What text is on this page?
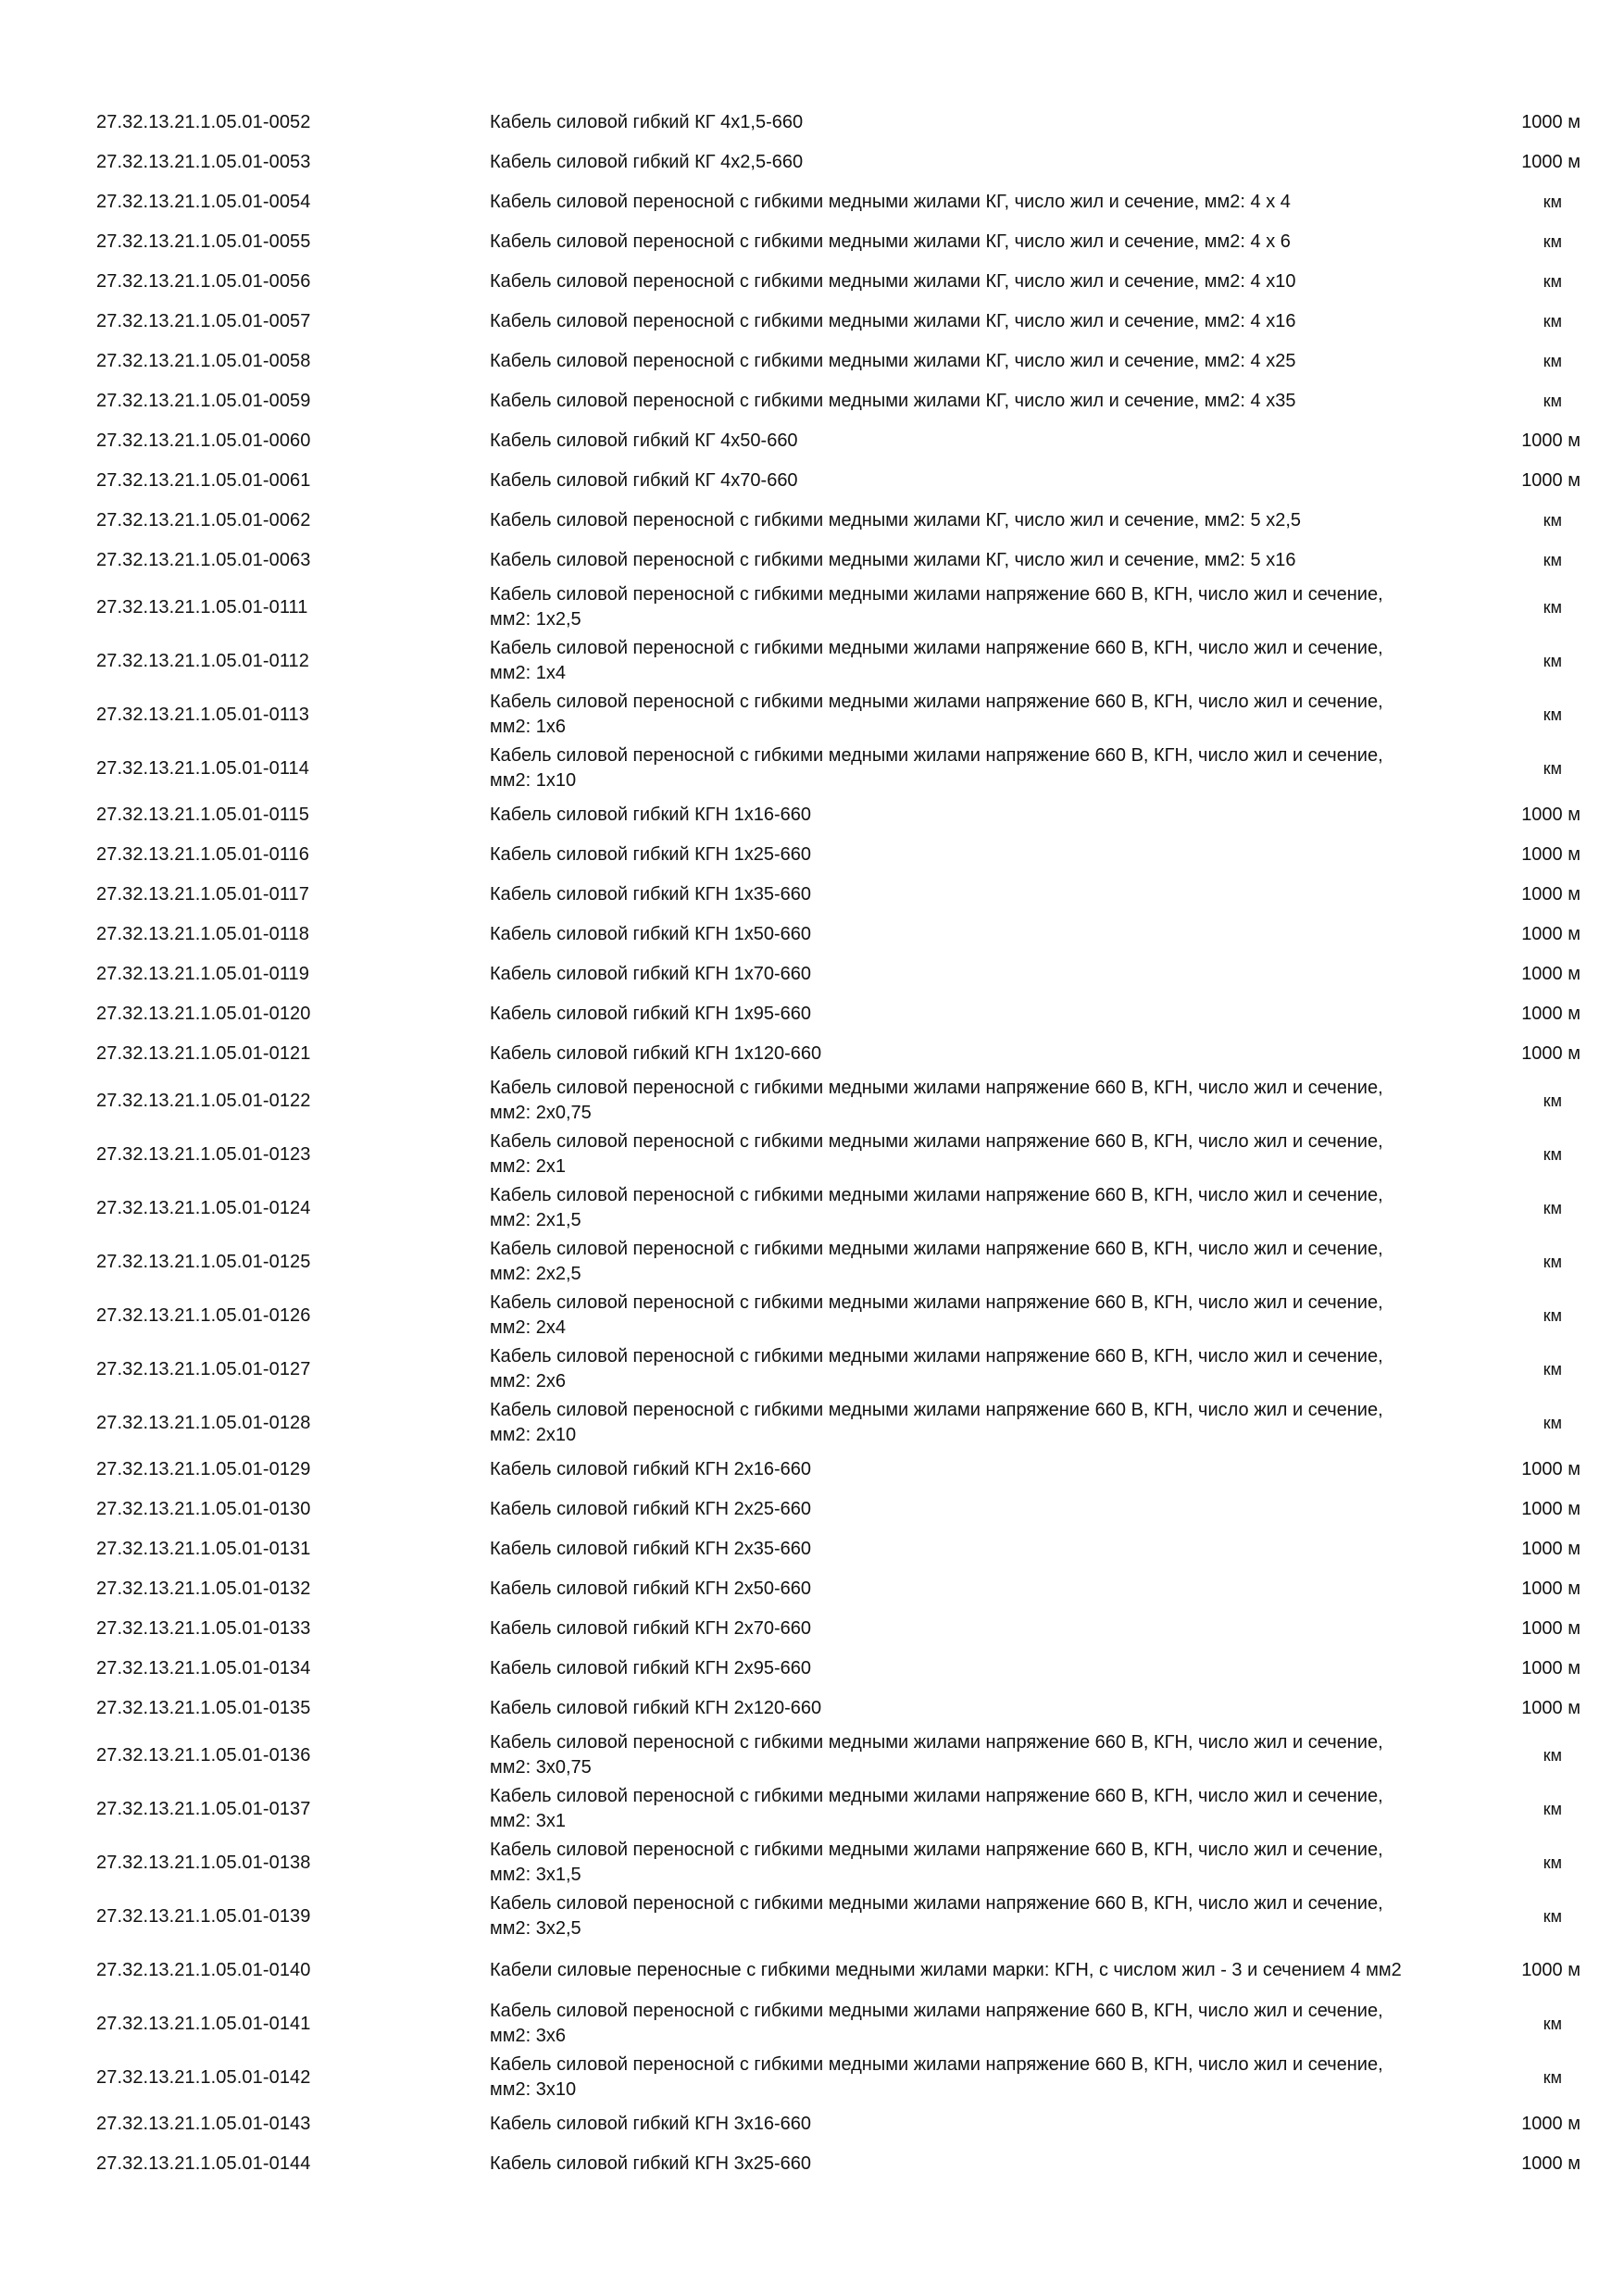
27.32.13.21.1.05.01-0052	Кабель силовой гибкий КГ 4х1,5-660	1000 м
27.32.13.21.1.05.01-0053	Кабель силовой гибкий КГ 4х2,5-660	1000 м
27.32.13.21.1.05.01-0054	Кабель силовой переносной с гибкими медными жилами КГ, число жил и сечение, мм2: 4 х 4	км
27.32.13.21.1.05.01-0055	Кабель силовой переносной с гибкими медными жилами КГ, число жил и сечение, мм2: 4 х 6	км
27.32.13.21.1.05.01-0056	Кабель силовой переносной с гибкими медными жилами КГ, число жил и сечение, мм2: 4 х10	км
27.32.13.21.1.05.01-0057	Кабель силовой переносной с гибкими медными жилами КГ, число жил и сечение, мм2: 4 х16	км
27.32.13.21.1.05.01-0058	Кабель силовой переносной с гибкими медными жилами КГ, число жил и сечение, мм2: 4 х25	км
27.32.13.21.1.05.01-0059	Кабель силовой переносной с гибкими медными жилами КГ, число жил и сечение, мм2: 4 х35	км
27.32.13.21.1.05.01-0060	Кабель силовой гибкий КГ 4х50-660	1000 м
27.32.13.21.1.05.01-0061	Кабель силовой гибкий КГ 4х70-660	1000 м
27.32.13.21.1.05.01-0062	Кабель силовой переносной с гибкими медными жилами КГ, число жил и сечение, мм2: 5 х2,5	км
27.32.13.21.1.05.01-0063	Кабель силовой переносной с гибкими медными жилами КГ, число жил и сечение, мм2: 5 х16	км
27.32.13.21.1.05.01-0111	Кабель силовой переносной с гибкими медными жилами напряжение 660 В, КГН, число жил и сечение, мм2: 1х2,5	км
27.32.13.21.1.05.01-0112	Кабель силовой переносной с гибкими медными жилами напряжение 660 В, КГН, число жил и сечение, мм2: 1х4	км
27.32.13.21.1.05.01-0113	Кабель силовой переносной с гибкими медными жилами напряжение 660 В, КГН, число жил и сечение, мм2: 1х6	км
27.32.13.21.1.05.01-0114	Кабель силовой переносной с гибкими медными жилами напряжение 660 В, КГН, число жил и сечение, мм2: 1х10	км
27.32.13.21.1.05.01-0115	Кабель силовой гибкий КГН 1х16-660	1000 м
27.32.13.21.1.05.01-0116	Кабель силовой гибкий КГН 1х25-660	1000 м
27.32.13.21.1.05.01-0117	Кабель силовой гибкий КГН 1х35-660	1000 м
27.32.13.21.1.05.01-0118	Кабель силовой гибкий КГН 1х50-660	1000 м
27.32.13.21.1.05.01-0119	Кабель силовой гибкий КГН 1х70-660	1000 м
27.32.13.21.1.05.01-0120	Кабель силовой гибкий КГН 1х95-660	1000 м
27.32.13.21.1.05.01-0121	Кабель силовой гибкий КГН 1х120-660	1000 м
27.32.13.21.1.05.01-0122	Кабель силовой переносной с гибкими медными жилами напряжение 660 В, КГН, число жил и сечение, мм2: 2х0,75	км
27.32.13.21.1.05.01-0123	Кабель силовой переносной с гибкими медными жилами напряжение 660 В, КГН, число жил и сечение, мм2: 2х1	км
27.32.13.21.1.05.01-0124	Кабель силовой переносной с гибкими медными жилами напряжение 660 В, КГН, число жил и сечение, мм2: 2х1,5	км
27.32.13.21.1.05.01-0125	Кабель силовой переносной с гибкими медными жилами напряжение 660 В, КГН, число жил и сечение, мм2: 2х2,5	км
27.32.13.21.1.05.01-0126	Кабель силовой переносной с гибкими медными жилами напряжение 660 В, КГН, число жил и сечение, мм2: 2х4	км
27.32.13.21.1.05.01-0127	Кабель силовой переносной с гибкими медными жилами напряжение 660 В, КГН, число жил и сечение, мм2: 2х6	км
27.32.13.21.1.05.01-0128	Кабель силовой переносной с гибкими медными жилами напряжение 660 В, КГН, число жил и сечение, мм2: 2х10	км
27.32.13.21.1.05.01-0129	Кабель силовой гибкий КГН 2х16-660	1000 м
27.32.13.21.1.05.01-0130	Кабель силовой гибкий КГН 2х25-660	1000 м
27.32.13.21.1.05.01-0131	Кабель силовой гибкий КГН 2х35-660	1000 м
27.32.13.21.1.05.01-0132	Кабель силовой гибкий КГН 2х50-660	1000 м
27.32.13.21.1.05.01-0133	Кабель силовой гибкий КГН 2х70-660	1000 м
27.32.13.21.1.05.01-0134	Кабель силовой гибкий КГН 2х95-660	1000 м
27.32.13.21.1.05.01-0135	Кабель силовой гибкий КГН 2х120-660	1000 м
27.32.13.21.1.05.01-0136	Кабель силовой переносной с гибкими медными жилами напряжение 660 В, КГН, число жил и сечение, мм2: 3х0,75	км
27.32.13.21.1.05.01-0137	Кабель силовой переносной с гибкими медными жилами напряжение 660 В, КГН, число жил и сечение, мм2: 3х1	км
27.32.13.21.1.05.01-0138	Кабель силовой переносной с гибкими медными жилами напряжение 660 В, КГН, число жил и сечение, мм2: 3х1,5	км
27.32.13.21.1.05.01-0139	Кабель силовой переносной с гибкими медными жилами напряжение 660 В, КГН, число жил и сечение, мм2: 3х2,5	км
27.32.13.21.1.05.01-0140	Кабели силовые переносные с гибкими медными жилами марки: КГН, с числом жил - 3 и сечением 4 мм2	1000 м
27.32.13.21.1.05.01-0141	Кабель силовой переносной с гибкими медными жилами напряжение 660 В, КГН, число жил и сечение, мм2: 3х6	км
27.32.13.21.1.05.01-0142	Кабель силовой переносной с гибкими медными жилами напряжение 660 В, КГН, число жил и сечение, мм2: 3х10	км
27.32.13.21.1.05.01-0143	Кабель силовой гибкий КГН 3х16-660	1000 м
27.32.13.21.1.05.01-0144	Кабель силовой гибкий КГН 3х25-660	1000 м
